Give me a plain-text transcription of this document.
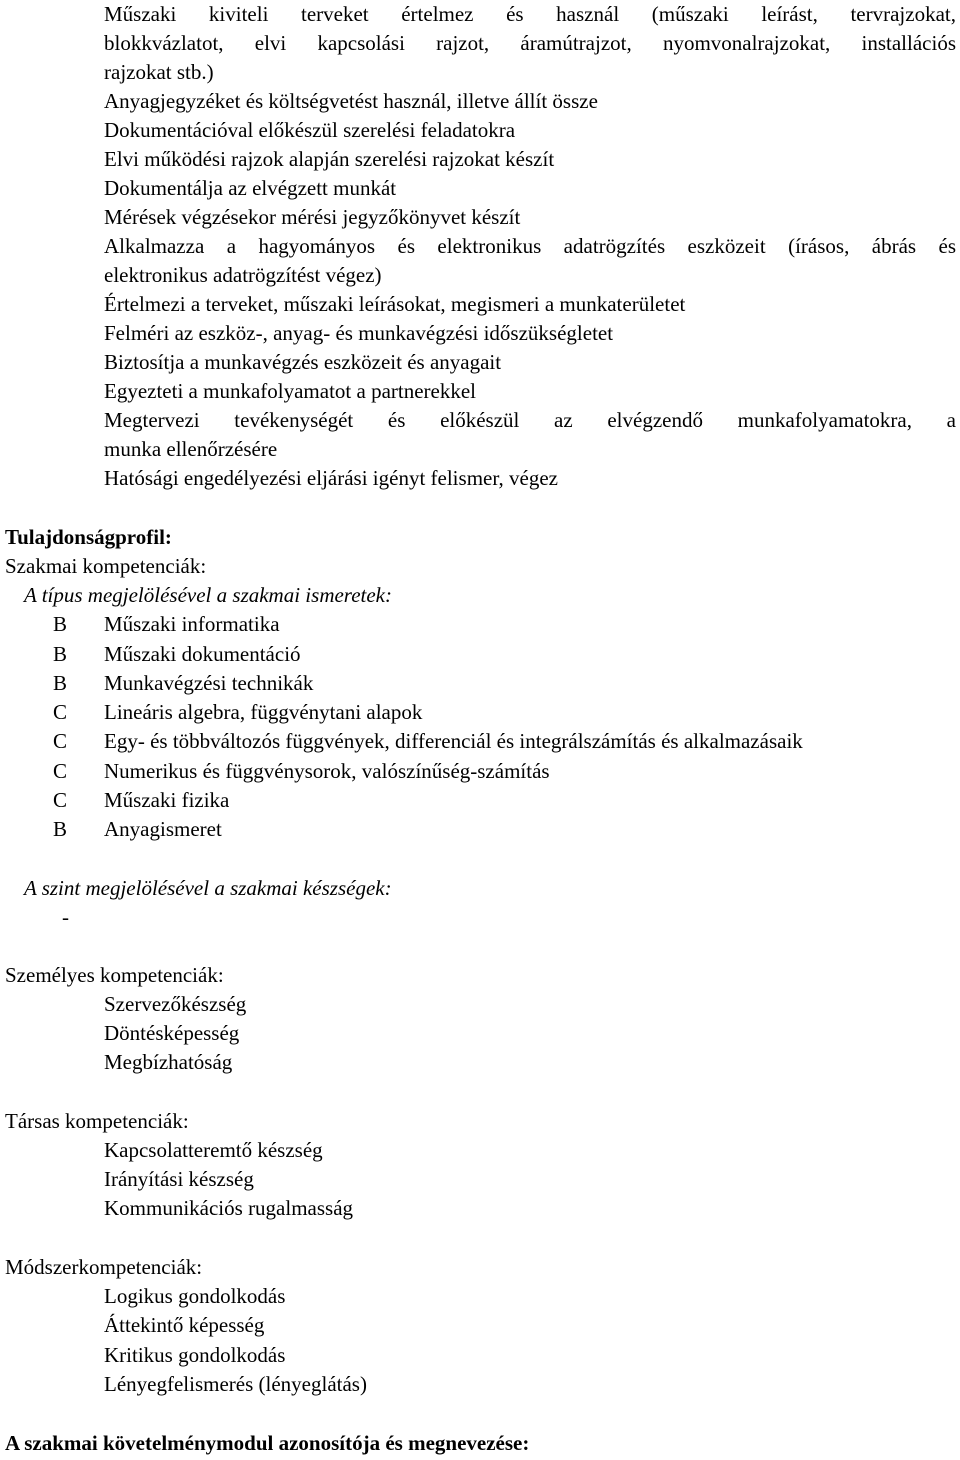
Műszaki kiviteli terveket értelmez és használ (műszaki leírást, tervrajzokat,
blokkvázlatot, elvi kapcsolási rajzot, áramútrajzot, nyomvonalrajzokat, installációs
rajzokat stb.)
Anyagjegyzéket és költségvetést használ, illetve állít össze
Dokumentációval előkészül szerelési feladatokra
Elvi működési rajzok alapján szerelési rajzokat készít
Dokumentálja az elvégzett munkát
Mérések végzésekor mérési jegyzőkönyvet készít
Alkalmazza a hagyományos és elektronikus adatrögzítés eszközeit (írásos, ábrás és
elektronikus adatrögzítést végez)
Értelmezi a terveket, műszaki leírásokat, megismeri a munkaterületet
Felméri az eszköz-, anyag- és munkavégzési időszükségletet
Biztosítja a munkavégzés eszközeit és anyagait
Egyezteti a munkafolyamatot a partnerekkel
Megtervezi tevékenységét és előkészül az elvégzendő munkafolyamatokra, a
munka ellenőrzésére
Hatósági engedélyezési eljárási igényt felismer, végez
Tulajdonságprofil:
Szakmai kompetenciák:
A típus megjelölésével a szakmai ismeretek:
B Műszaki informatika
B Műszaki dokumentáció
B Munkavégzési technikák
C Lineáris algebra, függvénytani alapok
C Egy- és többváltozós függvények, differenciál és integrálszámítás és alkalmazásaik
C Numerikus és függvénysorok, valószínűség-számítás
C Műszaki fizika
B Anyagismeret
A szint megjelölésével a szakmai készségek:
-
Személyes kompetenciák:
Szervezőkészség
Döntésképesség
Megbízhatóság
Társas kompetenciák:
Kapcsolatteremtő készség
Irányítási készség
Kommunikációs rugalmasság
Módszerkompetenciák:
Logikus gondolkodás
Áttekintő képesség
Kritikus gondolkodás
Lényegfelismerés (lényeglátás)
A szakmai követelménymodul azonosítója és megnevezése:
